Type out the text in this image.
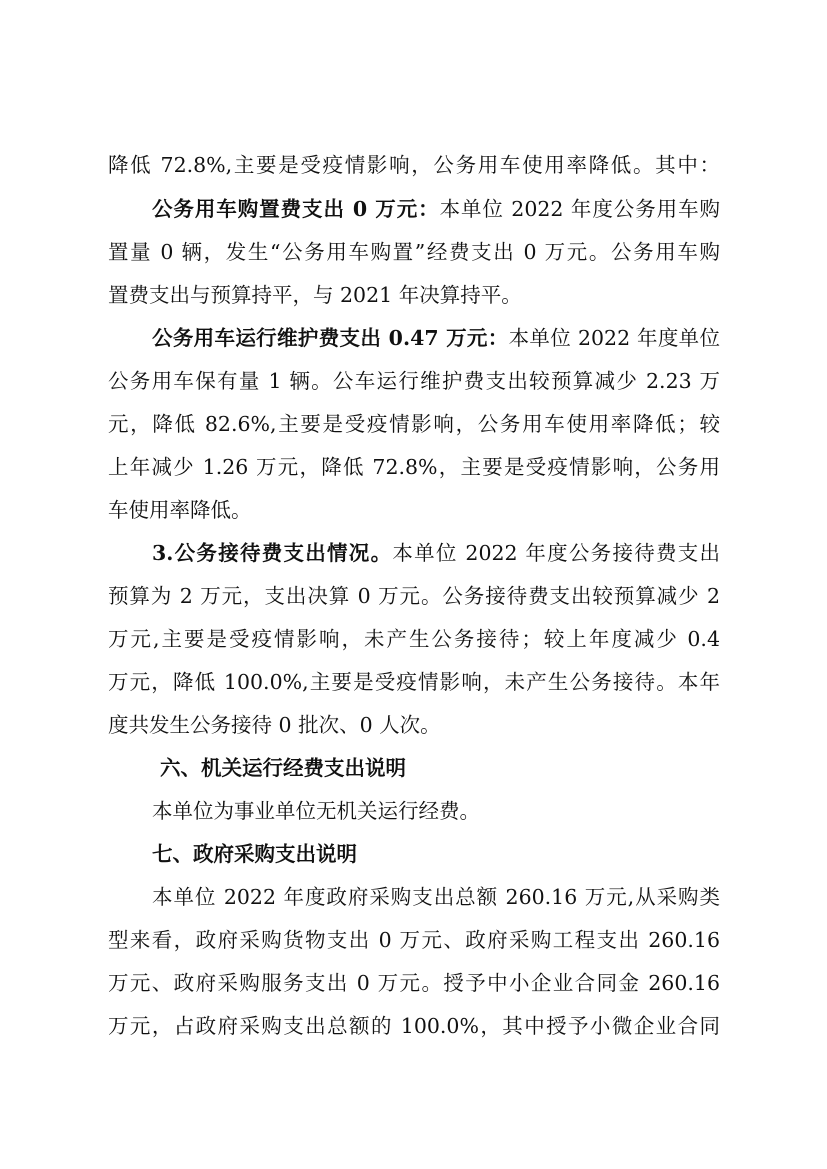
降低 72.8%,主要是受疫情影响，公务用车使用率降低。其中：
公务用车购置费支出 0 万元：本单位 2022 年度公务用车购
置量 0 辆，发生“公务用车购置”经费支出 0 万元。公务用车购
置费支出与预算持平，与 2021 年决算持平。
公务用车运行维护费支出 0.47 万元：本单位 2022 年度单位
公务用车保有量 1 辆。公车运行维护费支出较预算减少 2.23 万
元，降低 82.6%,主要是受疫情影响，公务用车使用率降低；较
上年减少 1.26 万元，降低 72.8%，主要是受疫情影响，公务用
车使用率降低。
3.公务接待费支出情况。本单位 2022 年度公务接待费支出
预算为 2 万元，支出决算 0 万元。公务接待费支出较预算减少 2
万元,主要是受疫情影响，未产生公务接待；较上年度减少 0.4
万元，降低 100.0%,主要是受疫情影响，未产生公务接待。本年
度共发生公务接待 0 批次、0 人次。
六、机关运行经费支出说明
本单位为事业单位无机关运行经费。
七、政府采购支出说明
本单位 2022 年度政府采购支出总额 260.16 万元,从采购类
型来看，政府采购货物支出 0 万元、政府采购工程支出 260.16
万元、政府采购服务支出 0 万元。授予中小企业合同金 260.16
万元，占政府采购支出总额的 100.0%，其中授予小微企业合同
